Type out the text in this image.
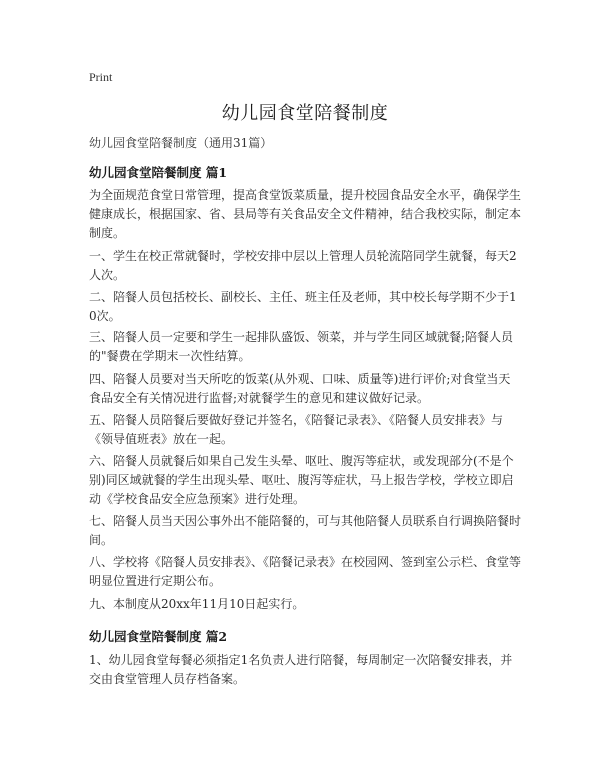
Print
幼儿园食堂陪餐制度

幼儿园食堂陪餐制度（通用31篇）

幼儿园食堂陪餐制度 篇1

为全面规范食堂日常管理，提高食堂饭菜质量，提升校园食品安全水平，确保学生健康成长，根据国家、省、县局等有关食品安全文件精神，结合我校实际，制定本制度。

一、学生在校正常就餐时，学校安排中层以上管理人员轮流陪同学生就餐，每天2人次。

二、陪餐人员包括校长、副校长、主任、班主任及老师，其中校长每学期不少于10次。

三、陪餐人员一定要和学生一起排队盛饭、领菜，并与学生同区域就餐;陪餐人员的"餐费在学期末一次性结算。

四、陪餐人员要对当天所吃的饭菜(从外观、口味、质量等)进行评价;对食堂当天食品安全有关情况进行监督;对就餐学生的意见和建议做好记录。

五、陪餐人员陪餐后要做好登记并签名，《陪餐记录表》、《陪餐人员安排表》与《领导值班表》放在一起。

六、陪餐人员就餐后如果自己发生头晕、呕吐、腹泻等症状，或发现部分(不是个别)同区域就餐的学生出现头晕、呕吐、腹泻等症状，马上报告学校，学校立即启动《学校食品安全应急预案》进行处理。

七、陪餐人员当天因公事外出不能陪餐的，可与其他陪餐人员联系自行调换陪餐时间。

八、学校将《陪餐人员安排表》、《陪餐记录表》在校园网、签到室公示栏、食堂等明显位置进行定期公布。

九、本制度从20xx年11月10日起实行。

幼儿园食堂陪餐制度 篇2

1、幼儿园食堂每餐必须指定1名负责人进行陪餐，每周制定一次陪餐安排表，并交由食堂管理人员存档备案。
